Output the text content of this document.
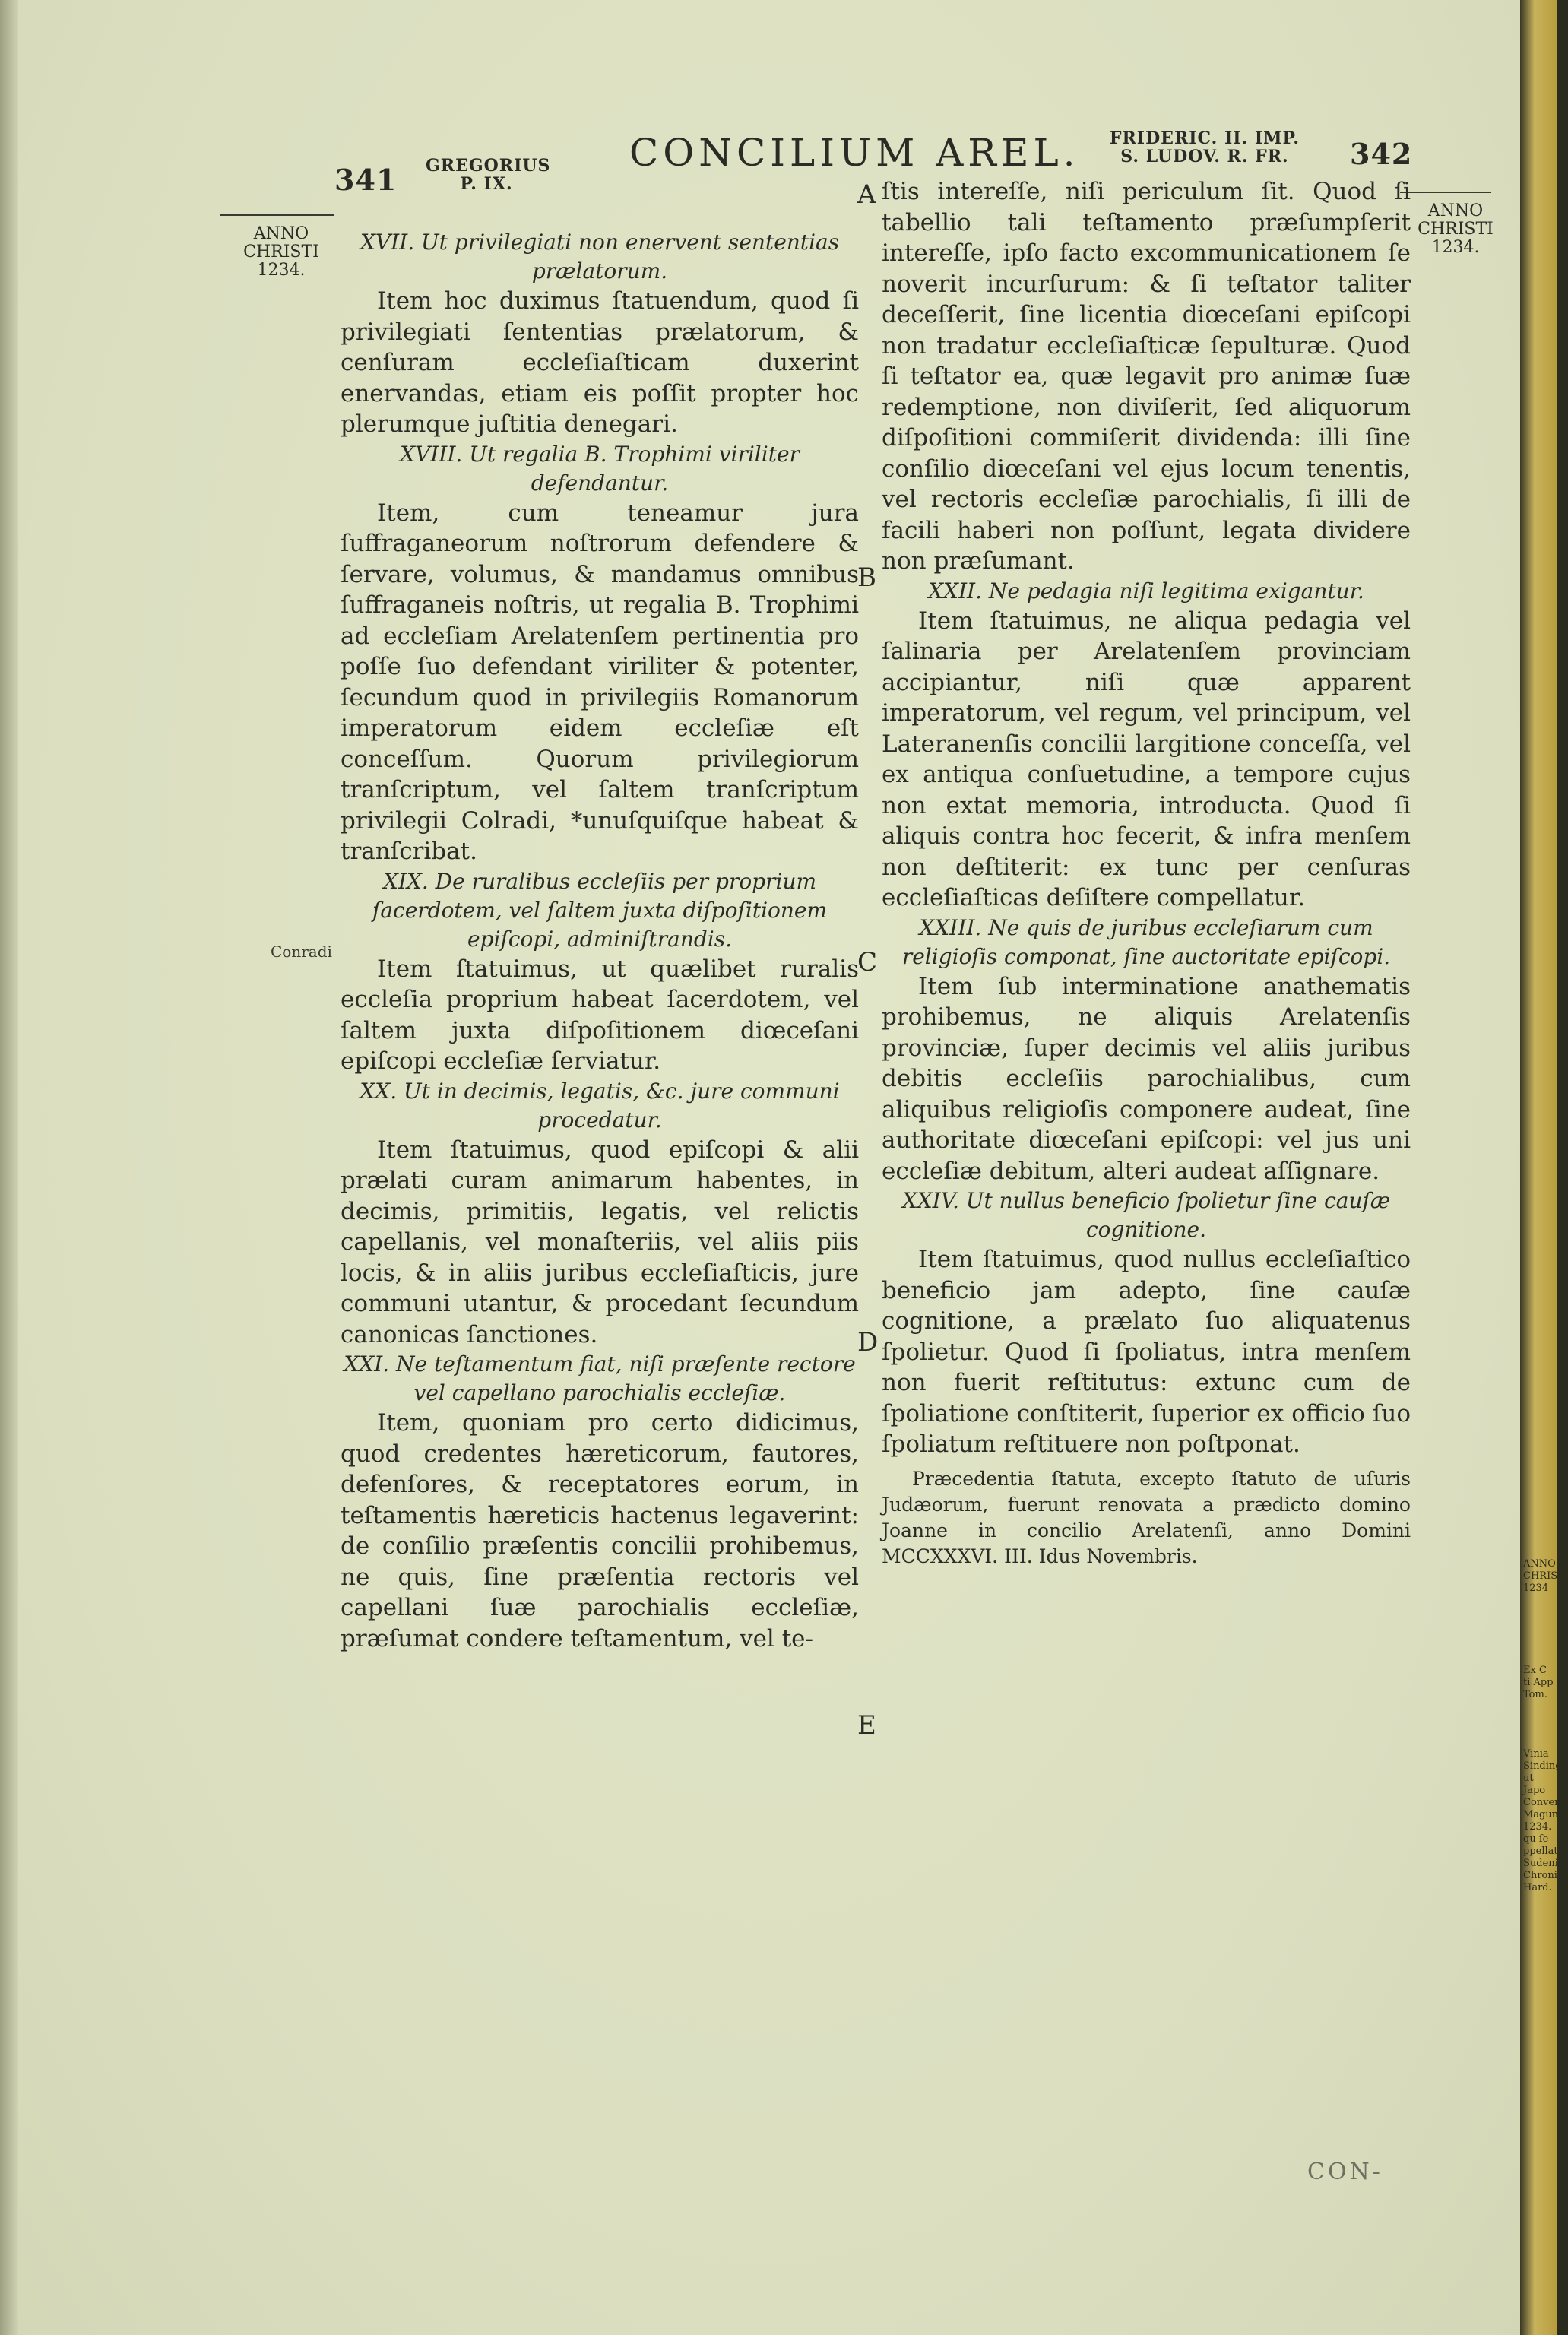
341 GREGORIUS
P. IX.
CONCILIUM AREL.	FRIDERIC. II. IMP.
S. LUDOV. R. FR.	342
ANNO
CHRISTI
1234.
ANNO
CHRISTI
1234.
Conradi
A
B
C
D
E

XVII. Ut privilegiati non enervent sententias prælatorum.

Item hoc duximus ſtatuendum, quod ſi privilegiati ſententias prælatorum, & cenſuram eccleſiaſticam duxerint enervandas, etiam eis poſſit propter hoc plerumque juſtitia denegari.

XVIII. Ut regalia B. Trophimi viriliter defendantur.

Item, cum teneamur jura ſuffraganeorum noſtrorum defendere & ſervare, volumus, & mandamus omnibus ſuffraganeis noſtris, ut regalia B. Trophimi ad eccleſiam Arelatenſem pertinentia pro poſſe ſuo defendant viriliter & potenter, ſecundum quod in privilegiis Romanorum imperatorum eidem eccleſiæ eſt conceſſum. Quorum privilegiorum tranſcriptum, vel ſaltem tranſcriptum privilegii Colradi, *unuſquiſque habeat & tranſcribat.

XIX. De ruralibus eccleſiis per proprium ſacerdotem, vel ſaltem juxta diſpoſitionem epiſcopi, adminiſtrandis.

Item ſtatuimus, ut quælibet ruralis eccleſia proprium habeat ſacerdotem, vel ſaltem juxta diſpoſitionem diœceſani epiſcopi eccleſiæ ſerviatur.

XX. Ut in decimis, legatis, &c. jure communi procedatur.

Item ſtatuimus, quod epiſcopi & alii prælati curam animarum habentes, in decimis, primitiis, legatis, vel relictis capellanis, vel monaſteriis, vel aliis piis locis, & in aliis juribus eccleſiaſticis, jure communi utantur, & procedant ſecundum canonicas ſanctiones.

XXI. Ne teſtamentum fiat, niſi præſente rectore vel capellano parochialis eccleſiæ.

Item, quoniam pro certo didicimus, quod credentes hæreticorum, fautores, defenſores, & receptatores eorum, in teſtamentis hæreticis hactenus legaverint: de conſilio præſentis concilii prohibemus, ne quis, ſine præſentia rectoris vel capellani ſuæ parochialis eccleſiæ, præſumat condere teſtamentum, vel te-

ſtis intereſſe, niſi periculum ſit. Quod ſi tabellio tali teſtamento præſumpſerit intereſſe, ipſo facto excommunicationem ſe noverit incurſurum: & ſi teſtator taliter deceſſerit, ſine licentia diœceſani epiſcopi non tradatur eccleſiaſticæ ſepulturæ. Quod ſi teſtator ea, quæ legavit pro animæ ſuæ redemptione, non diviſerit, ſed aliquorum diſpoſitioni commiſerit dividenda: illi ſine conſilio diœceſani vel ejus locum tenentis, vel rectoris eccleſiæ parochialis, ſi illi de facili haberi non poſſunt, legata dividere non præſumant.

XXII. Ne pedagia niſi legitima exigantur.

Item ſtatuimus, ne aliqua pedagia vel ſalinaria per Arelatenſem provinciam accipiantur, niſi quæ apparent imperatorum, vel regum, vel principum, vel Lateranenſis concilii largitione conceſſa, vel ex antiqua conſuetudine, a tempore cujus non extat memoria, introducta. Quod ſi aliquis contra hoc fecerit, & infra menſem non deſtiterit: ex tunc per cenſuras eccleſiaſticas deſiſtere compellatur.

XXIII. Ne quis de juribus eccleſiarum cum religioſis componat, ſine auctoritate epiſcopi.

Item ſub interminatione anathematis prohibemus, ne aliquis Arelatenſis provinciæ, ſuper decimis vel aliis juribus debitis eccleſiis parochialibus, cum aliquibus religioſis componere audeat, ſine authoritate diœceſani epiſcopi: vel jus uni eccleſiæ debitum, alteri audeat aſſignare.

XXIV. Ut nullus beneficio ſpolietur ſine cauſæ cognitione.

Item ſtatuimus, quod nullus eccleſiaſtico beneficio jam adepto, ſine cauſæ cognitione, a prælato ſuo aliquatenus ſpolietur. Quod ſi ſpoliatus, intra menſem non fuerit reſtitutus: extunc cum de ſpoliatione conſtiterit, ſuperior ex officio ſuo ſpoliatum reſtituere non poſtponat.

Præcedentia ſtatuta, excepto ſtatuto de uſuris Judæorum, fuerunt renovata a prædicto domino Joanne in concilio Arelatenſi, anno Domini MCCXXXVI. III. Idus Novembris.

CON-
ANNO
CHRISTI
1234
Ex C
ti App
Tom.
Vinia
Sinding
ut Japo
Conven
Magun
1234.
qu ſe
ppellat
Sudeni
Chroni
Hard.
